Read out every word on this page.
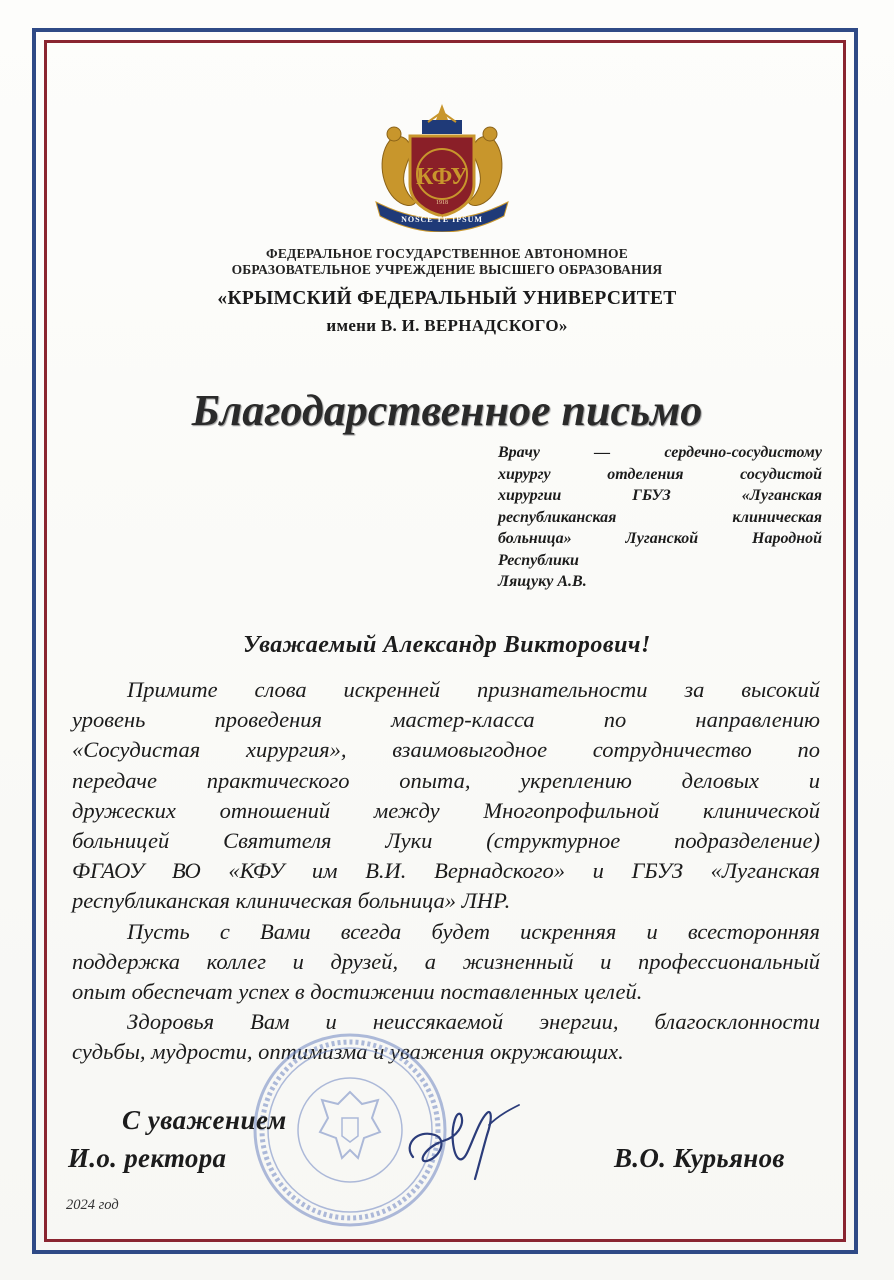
КФУ
1918
NOSCE TE IPSUM
ФЕДЕРАЛЬНОЕ ГОСУДАРСТВЕННОЕ АВТОНОМНОЕ
ОБРАЗОВАТЕЛЬНОЕ УЧРЕЖДЕНИЕ ВЫСШЕГО ОБРАЗОВАНИЯ
«КРЫМСКИЙ ФЕДЕРАЛЬНЫЙ УНИВЕРСИТЕТ
имени В. И. ВЕРНАДСКОГО»
Благодарственное письмо
Врачу — сердечно-сосудистому
хирургу отделения сосудистой
хирургии ГБУЗ «Луганская
республиканская клиническая
больница» Луганской Народной
Республики
Лящуку А.В.
Уважаемый Александр Викторович!
Примите слова искренней признательности за высокий
уровень проведения мастер-класса по направлению
«Сосудистая хирургия», взаимовыгодное сотрудничество по
передаче практического опыта, укреплению деловых и
дружеских отношений между Многопрофильной клинической
больницей Святителя Луки (структурное подразделение)
ФГАОУ ВО «КФУ им В.И. Вернадского» и ГБУЗ «Луганская
республиканская клиническая больница» ЛНР.
Пусть с Вами всегда будет искренняя и всесторонняя
поддержка коллег и друзей, а жизненный и профессиональный
опыт обеспечат успех в достижении поставленных целей.
Здоровья Вам и неиссякаемой энергии, благосклонности
судьбы, мудрости, оптимизма и уважения окружающих.
С уважением
И.о. ректора	В.О. Курьянов
2024 год
